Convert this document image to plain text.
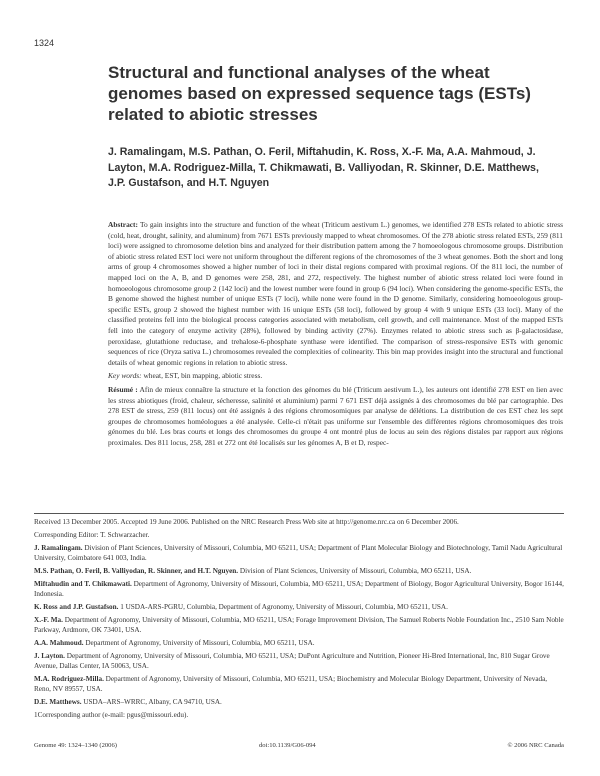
1324
Structural and functional analyses of the wheat genomes based on expressed sequence tags (ESTs) related to abiotic stresses
J. Ramalingam, M.S. Pathan, O. Feril, Miftahudin, K. Ross, X.-F. Ma, A.A. Mahmoud, J. Layton, M.A. Rodriguez-Milla, T. Chikmawati, B. Valliyodan, R. Skinner, D.E. Matthews, J.P. Gustafson, and H.T. Nguyen

Abstract: To gain insights into the structure and function of the wheat (Triticum aestivum L.) genomes, we identified 278 ESTs related to abiotic stress (cold, heat, drought, salinity, and aluminum) from 7671 ESTs previously mapped to wheat chromosomes. Of the 278 abiotic stress related ESTs, 259 (811 loci) were assigned to chromosome deletion bins and analyzed for their distribution pattern among the 7 homoeologous chromosome groups. Distribution of abiotic stress related EST loci were not uniform throughout the different regions of the chromosomes of the 3 wheat genomes. Both the short and long arms of group 4 chromosomes showed a higher number of loci in their distal regions compared with proximal regions. Of the 811 loci, the number of mapped loci on the A, B, and D genomes were 258, 281, and 272, respectively. The highest number of abiotic stress related loci were found in homoeologous chromosome group 2 (142 loci) and the lowest number were found in group 6 (94 loci). When considering the genome-specific ESTs, the B genome showed the highest number of unique ESTs (7 loci), while none were found in the D genome. Similarly, considering homoeologous group-specific ESTs, group 2 showed the highest number with 16 unique ESTs (58 loci), followed by group 4 with 9 unique ESTs (33 loci). Many of the classified proteins fell into the biological process categories associated with metabolism, cell growth, and cell maintenance. Most of the mapped ESTs fell into the category of enzyme activity (28%), followed by binding activity (27%). Enzymes related to abiotic stress such as β-galactosidase, peroxidase, glutathione reductase, and trehalose-6-phosphate synthase were identified. The comparison of stress-responsive ESTs with genomic sequences of rice (Oryza sativa L.) chromosomes revealed the complexities of colinearity. This bin map provides insight into the structural and functional details of wheat genomic regions in relation to abiotic stress.

Key words: wheat, EST, bin mapping, abiotic stress.

Résumé : Afin de mieux connaître la structure et la fonction des génomes du blé (Triticum aestivum L.), les auteurs ont identifié 278 EST en lien avec les stress abiotiques (froid, chaleur, sécheresse, salinité et aluminium) parmi 7 671 EST déjà assignés à des chromosomes du blé par cartographie. Des 278 EST de stress, 259 (811 locus) ont été assignés à des régions chromosomiques par analyse de délétions. La distribution de ces EST chez les sept groupes de chromosomes homéologues a été analysée. Celle-ci n'était pas uniforme sur l'ensemble des différentes régions chromosomiques des trois génomes du blé. Les bras courts et longs des chromosomes du groupe 4 ont montré plus de locus au sein des régions distales par rapport aux régions proximales. Des 811 locus, 258, 281 et 272 ont été localisés sur les génomes A, B et D, respec-

Received 13 December 2005. Accepted 19 June 2006. Published on the NRC Research Press Web site at http://genome.nrc.ca on 6 December 2006.

Corresponding Editor: T. Schwarzacher.

J. Ramalingam. Division of Plant Sciences, University of Missouri, Columbia, MO 65211, USA; Department of Plant Molecular Biology and Biotechnology, Tamil Nadu Agricultural University, Coimbatore 641 003, India.

M.S. Pathan, O. Feril, B. Valliyodan, R. Skinner, and H.T. Nguyen. Division of Plant Sciences, University of Missouri, Columbia, MO 65211, USA.

Miftahudin and T. Chikmawati. Department of Agronomy, University of Missouri, Columbia, MO 65211, USA; Department of Biology, Bogor Agricultural University, Bogor 16144, Indonesia.

K. Ross and J.P. Gustafson. 1 USDA-ARS-PGRU, Columbia, Department of Agronomy, University of Missouri, Columbia, MO 65211, USA.

X.-F. Ma. Department of Agronomy, University of Missouri, Columbia, MO 65211, USA; Forage Improvement Division, The Samuel Roberts Noble Foundation Inc., 2510 Sam Noble Parkway, Ardmore, OK 73401, USA.

A.A. Mahmoud. Department of Agronomy, University of Missouri, Columbia, MO 65211, USA.

J. Layton. Department of Agronomy, University of Missouri, Columbia, MO 65211, USA; DuPont Agriculture and Nutrition, Pioneer Hi-Bred International, Inc, 810 Sugar Grove Avenue, Dallas Center, IA 50063, USA.

M.A. Rodriguez-Milla. Department of Agronomy, University of Missouri, Columbia, MO 65211, USA; Biochemistry and Molecular Biology Department, University of Nevada, Reno, NV 89557, USA.

D.E. Matthews. USDA–ARS–WRRC, Albany, CA 94710, USA.

1Corresponding author (e-mail: pgus@missouri.edu).

Genome 49: 1324–1340 (2006)	doi:10.1139/G06-094	© 2006 NRC Canada
